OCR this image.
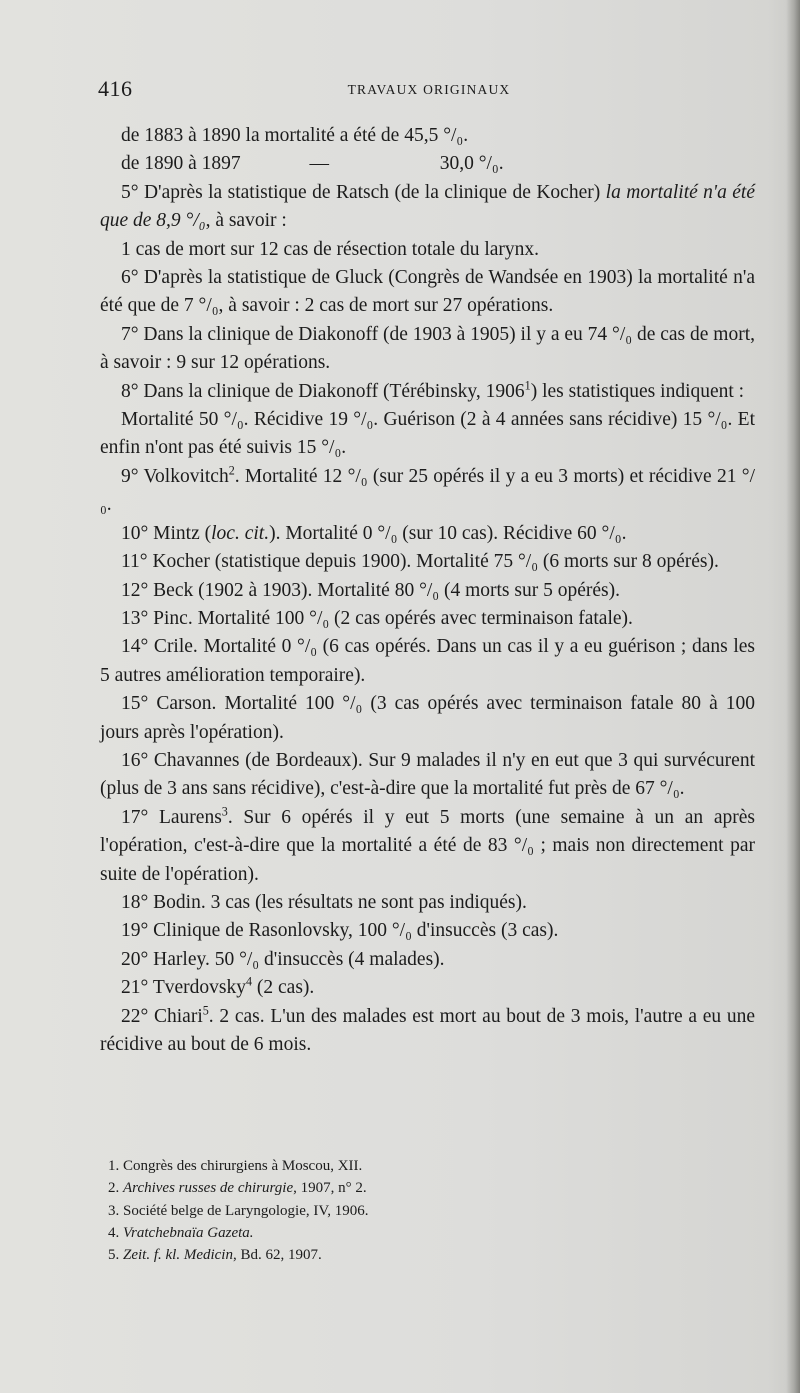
416	TRAVAUX ORIGINAUX

de 1883 à 1890 la mortalité a été de 45,5 °/₀.

de 1890 à 1897	—	30,0 °/₀.

5° D'après la statistique de Ratsch (de la clinique de Kocher) la mortalité n'a été que de 8,9 °/₀, à savoir :

1 cas de mort sur 12 cas de résection totale du larynx.

6° D'après la statistique de Gluck (Congrès de Wandsée en 1903) la mortalité n'a été que de 7 °/₀, à savoir : 2 cas de mort sur 27 opérations.

7° Dans la clinique de Diakonoff (de 1903 à 1905) il y a eu 74 °/₀ de cas de mort, à savoir : 9 sur 12 opérations.

8° Dans la clinique de Diakonoff (Térébinsky, 1906$^1$) les statistiques indiquent :

Mortalité 50 °/₀. Récidive 19 °/₀. Guérison (2 à 4 années sans récidive) 15 °/₀. Et enfin n'ont pas été suivis 15 °/₀.

9° Volkovitch$^2$. Mortalité 12 °/₀ (sur 25 opérés il y a eu 3 morts) et récidive 21 °/₀.

10° Mintz (loc. cit.). Mortalité 0 °/₀ (sur 10 cas). Récidive 60 °/₀.

11° Kocher (statistique depuis 1900). Mortalité 75 °/₀ (6 morts sur 8 opérés).

12° Beck (1902 à 1903). Mortalité 80 °/₀ (4 morts sur 5 opérés).

13° Pinc. Mortalité 100 °/₀ (2 cas opérés avec terminaison fatale).

14° Crile. Mortalité 0 °/₀ (6 cas opérés. Dans un cas il y a eu guérison ; dans les 5 autres amélioration temporaire).

15° Carson. Mortalité 100 °/₀ (3 cas opérés avec terminaison fatale 80 à 100 jours après l'opération).

16° Chavannes (de Bordeaux). Sur 9 malades il n'y en eut que 3 qui survécurent (plus de 3 ans sans récidive), c'est-à-dire que la mortalité fut près de 67 °/₀.

17° Laurens$^3$. Sur 6 opérés il y eut 5 morts (une semaine à un an après l'opération, c'est-à-dire que la mortalité a été de 83 °/₀ ; mais non directement par suite de l'opération).

18° Bodin. 3 cas (les résultats ne sont pas indiqués).

19° Clinique de Rasonlovsky, 100 °/₀ d'insuccès (3 cas).

20° Harley. 50 °/₀ d'insuccès (4 malades).

21° Tverdovsky$^4$ (2 cas).

22° Chiari$^5$. 2 cas. L'un des malades est mort au bout de 3 mois, l'autre a eu une récidive au bout de 6 mois.

1. Congrès des chirurgiens à Moscou, XII.
2. Archives russes de chirurgie, 1907, n° 2.
3. Société belge de Laryngologie, IV, 1906.
4. Vratchebnaïa Gazeta.
5. Zeit. f. kl. Medicin, Bd. 62, 1907.
